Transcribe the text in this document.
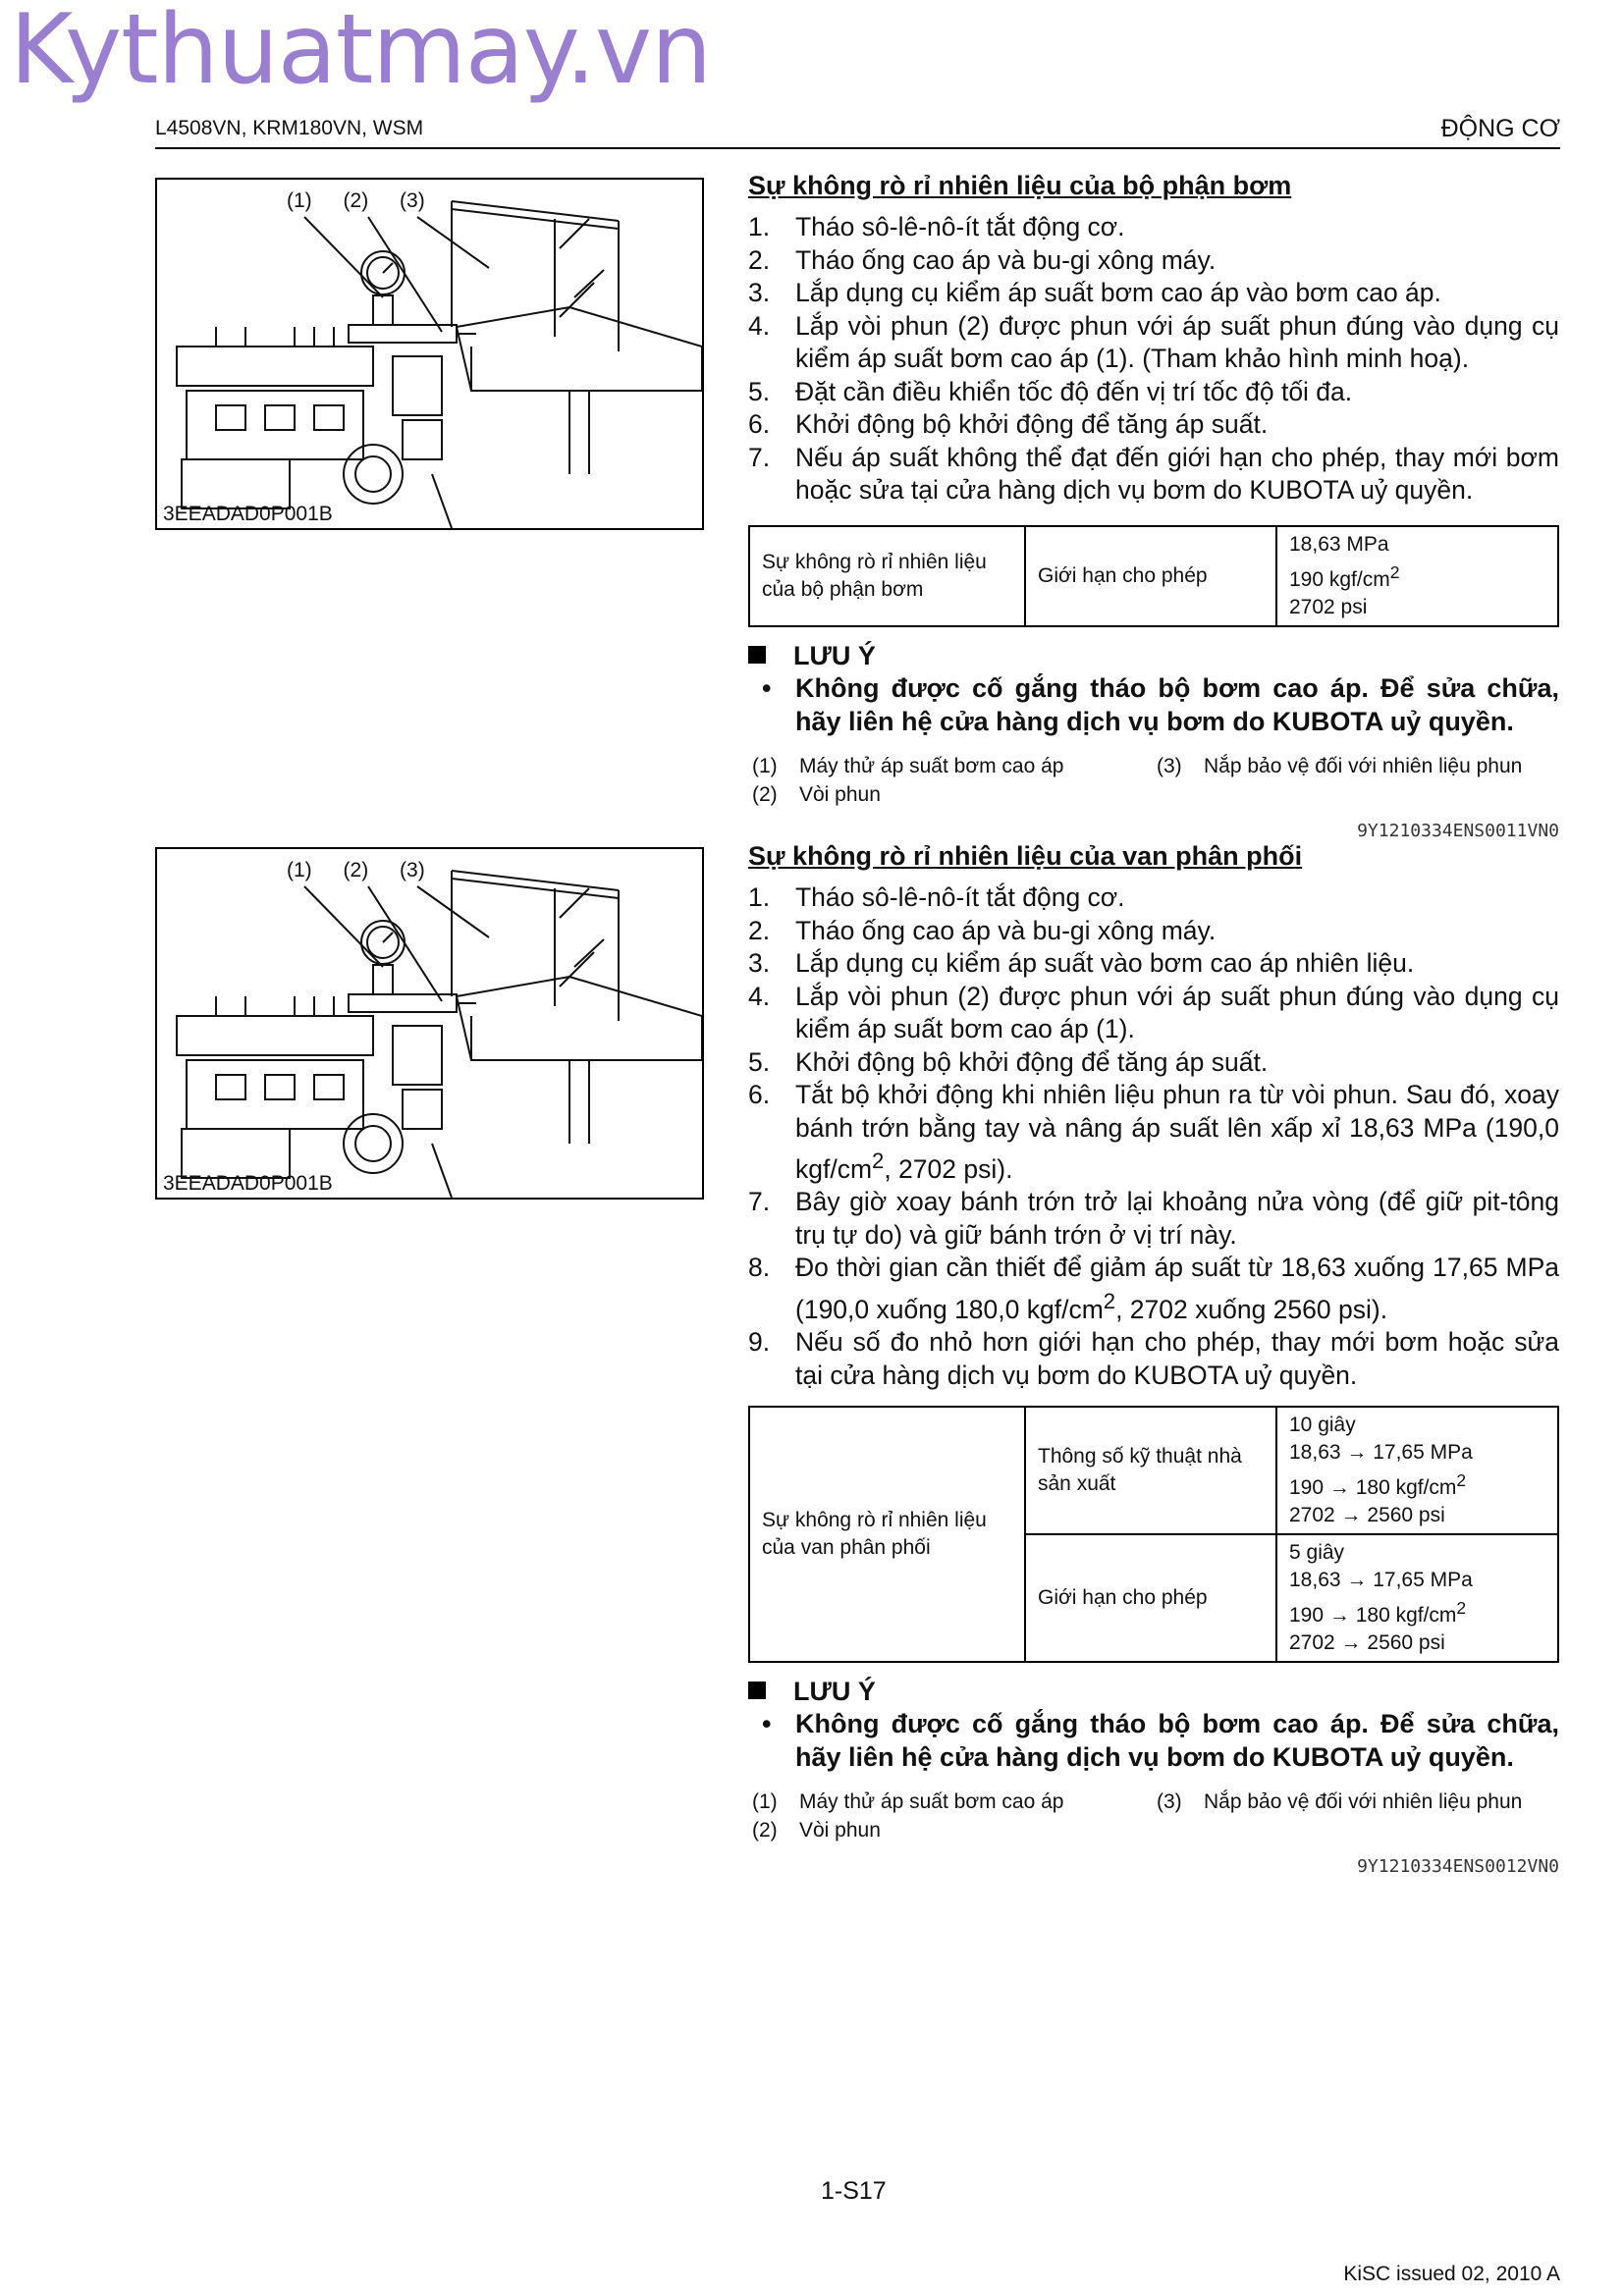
Kythuatmay.vn
L4508VN, KRM180VN, WSM	ĐỘNG CƠ
(1) (2) (3)
3EEADAD0P001B
Sự không rò rỉ nhiên liệu của bộ phận bơm
1. Tháo sô-lê-nô-ít tắt động cơ.
2. Tháo ống cao áp và bu-gi xông máy.
3. Lắp dụng cụ kiểm áp suất bơm cao áp vào bơm cao áp.
4. Lắp vòi phun (2) được phun với áp suất phun đúng vào dụng cụ kiểm áp suất bơm cao áp (1). (Tham khảo hình minh hoạ).
5. Đặt cần điều khiển tốc độ đến vị trí tốc độ tối đa.
6. Khởi động bộ khởi động để tăng áp suất.
7. Nếu áp suất không thể đạt đến giới hạn cho phép, thay mới bơm hoặc sửa tại cửa hàng dịch vụ bơm do KUBOTA uỷ quyền.
Sự không rò rỉ nhiên liệu của bộ phận bơm	Giới hạn cho phép	
18,63 MPa
190 kgf/$cm^2$
2702 psi
LƯU Ý
• Không được cố gắng tháo bộ bơm cao áp. Để sửa chữa, hãy liên hệ cửa hàng dịch vụ bơm do KUBOTA uỷ quyền.
(1) Máy thử áp suất bơm cao áp
(2) Vòi phun
(3) Nắp bảo vệ đối với nhiên liệu phun
9Y1210334ENS0011VN0
(1) (2) (3)
3EEADAD0P001B
Sự không rò rỉ nhiên liệu của van phân phối
1. Tháo sô-lê-nô-ít tắt động cơ.
2. Tháo ống cao áp và bu-gi xông máy.
3. Lắp dụng cụ kiểm áp suất vào bơm cao áp nhiên liệu.
4. Lắp vòi phun (2) được phun với áp suất phun đúng vào dụng cụ kiểm áp suất bơm cao áp (1).
5. Khởi động bộ khởi động để tăng áp suất.
6. Tắt bộ khởi động khi nhiên liệu phun ra từ vòi phun. Sau đó, xoay bánh trớn bằng tay và nâng áp suất lên xấp xỉ 18,63 MPa (190,0 kgf/$cm^2$, 2702 psi).
7. Bây giờ xoay bánh trớn trở lại khoảng nửa vòng (để giữ pit-tông trụ tự do) và giữ bánh trớn ở vị trí này.
8. Đo thời gian cần thiết để giảm áp suất từ 18,63 xuống 17,65 MPa (190,0 xuống 180,0 kgf/$cm^2$, 2702 xuống 2560 psi).
9. Nếu số đo nhỏ hơn giới hạn cho phép, thay mới bơm hoặc sửa tại cửa hàng dịch vụ bơm do KUBOTA uỷ quyền.
Sự không rò rỉ nhiên liệu của van phân phối	Thông số kỹ thuật nhà sản xuất	10 giây
18,63 → 17,65 MPa
190 → 180 kgf/$cm^2$
2702 → 2560 psi

	Giới hạn cho phép	5 giây
18,63 → 17,65 MPa
190 → 180 kgf/$cm^2$
2702 → 2560 psi
LƯU Ý
• Không được cố gắng tháo bộ bơm cao áp. Để sửa chữa, hãy liên hệ cửa hàng dịch vụ bơm do KUBOTA uỷ quyền.
(1) Máy thử áp suất bơm cao áp
(2) Vòi phun
(3) Nắp bảo vệ đối với nhiên liệu phun
9Y1210334ENS0012VN0
1-S17
KiSC issued 02, 2010 A
